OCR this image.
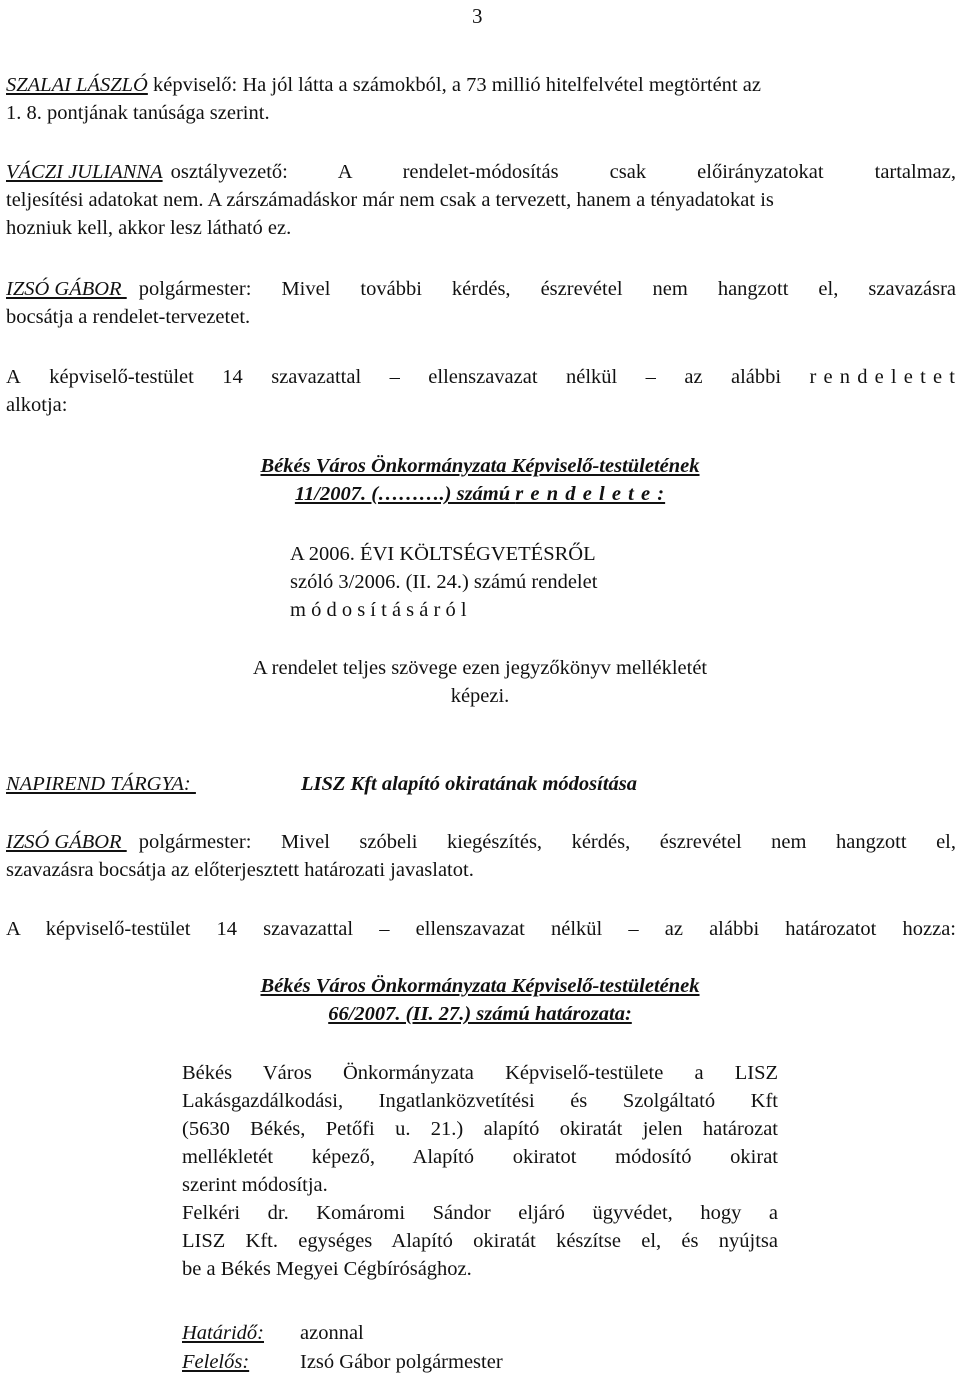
3
SZALAI LÁSZLÓ képviselő: Ha jól látta a számokból, a 73 millió hitelfelvétel megtörtént az
1. 8. pontjának tanúsága szerint.
VÁCZI JULIANNA osztályvezető: A rendelet-módosítás csak előirányzatokat tartalmaz,
teljesítési adatokat nem. A zárszámadáskor már nem csak a tervezett, hanem a tényadatokat is
hozniuk kell, akkor lesz látható ez.
IZSÓ GÁBOR polgármester: Mivel további kérdés, észrevétel nem hangzott el, szavazásra
bocsátja a rendelet-tervezetet.
A képviselő-testület 14 szavazattal – ellenszavazat nélkül – az alábbi r e n d e l e t e t
alkotja:
Békés Város Önkormányzata Képviselő-testületének
11/2007. (……….) számú r e n d e l e t e :
A 2006. ÉVI KÖLTSÉGVETÉSRŐL
szóló 3/2006. (II. 24.) számú rendelet
m ó d o s í t á s á r ó l
A rendelet teljes szövege ezen jegyzőkönyv mellékletét
képezi.
NAPIREND TÁRGYA:	LISZ Kft alapító okiratának módosítása
IZSÓ GÁBOR polgármester: Mivel szóbeli kiegészítés, kérdés, észrevétel nem hangzott el,
szavazásra bocsátja az előterjesztett határozati javaslatot.
A képviselő-testület 14 szavazattal – ellenszavazat nélkül – az alábbi határozatot hozza:
Békés Város Önkormányzata Képviselő-testületének
66/2007. (II. 27.) számú határozata:
Békés Város Önkormányzata Képviselő-testülete a LISZ
Lakásgazdálkodási, Ingatlanközvetítési és Szolgáltató Kft
(5630 Békés, Petőfi u. 21.) alapító okiratát jelen határozat
mellékletét képező, Alapító okiratot módosító okirat
szerint módosítja.
Felkéri dr. Komáromi Sándor eljáró ügyvédet, hogy a
LISZ Kft. egységes Alapító okiratát készítse el, és nyújtsa
be a Békés Megyei Cégbírósághoz.
Határidő: azonnal
Felelős: Izsó Gábor polgármester
